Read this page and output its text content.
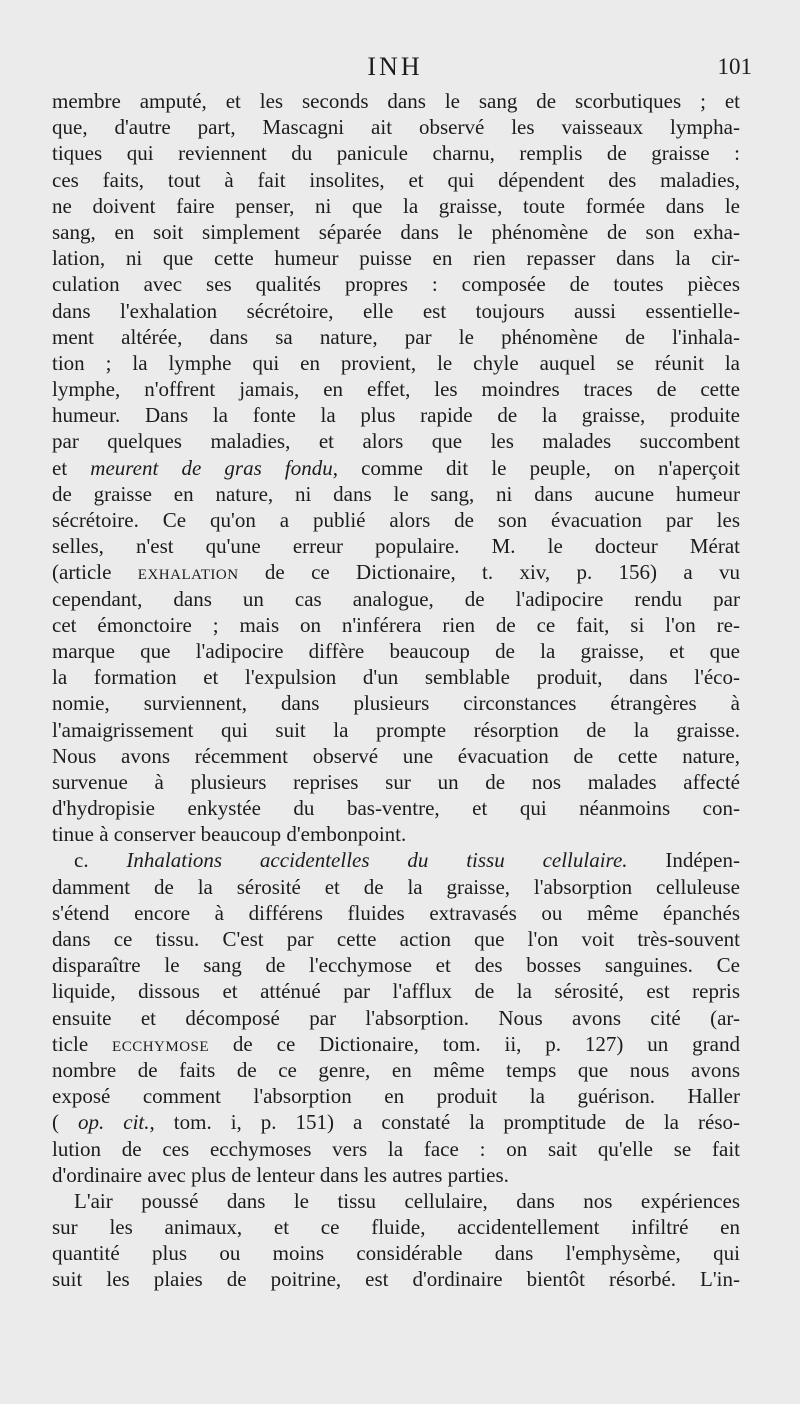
INH	101
membre amputé, et les seconds dans le sang de scorbutiques ; et
que, d'autre part, Mascagni ait observé les vaisseaux lympha-
tiques qui reviennent du panicule charnu, remplis de graisse :
ces faits, tout à fait insolites, et qui dépendent des maladies,
ne doivent faire penser, ni que la graisse, toute formée dans le
sang, en soit simplement séparée dans le phénomène de son exha-
lation, ni que cette humeur puisse en rien repasser dans la cir-
culation avec ses qualités propres : composée de toutes pièces
dans l'exhalation sécrétoire, elle est toujours aussi essentielle-
ment altérée, dans sa nature, par le phénomène de l'inhala-
tion ; la lymphe qui en provient, le chyle auquel se réunit la
lymphe, n'offrent jamais, en effet, les moindres traces de cette
humeur. Dans la fonte la plus rapide de la graisse, produite
par quelques maladies, et alors que les malades succombent
et meurent de gras fondu, comme dit le peuple, on n'aperçoit
de graisse en nature, ni dans le sang, ni dans aucune humeur
sécrétoire. Ce qu'on a publié alors de son évacuation par les
selles, n'est qu'une erreur populaire. M. le docteur Mérat
(article exhalation de ce Dictionaire, t. xiv, p. 156) a vu
cependant, dans un cas analogue, de l'adipocire rendu par
cet émonctoire ; mais on n'inférera rien de ce fait, si l'on re-
marque que l'adipocire diffère beaucoup de la graisse, et que
la formation et l'expulsion d'un semblable produit, dans l'éco-
nomie, surviennent, dans plusieurs circonstances étrangères à
l'amaigrissement qui suit la prompte résorption de la graisse.
Nous avons récemment observé une évacuation de cette nature,
survenue à plusieurs reprises sur un de nos malades affecté
d'hydropisie enkystée du bas-ventre, et qui néanmoins con-
tinue à conserver beaucoup d'embonpoint.
c. Inhalations accidentelles du tissu cellulaire. Indépen-
damment de la sérosité et de la graisse, l'absorption celluleuse
s'étend encore à différens fluides extravasés ou même épanchés
dans ce tissu. C'est par cette action que l'on voit très-souvent
disparaître le sang de l'ecchymose et des bosses sanguines. Ce
liquide, dissous et atténué par l'afflux de la sérosité, est repris
ensuite et décomposé par l'absorption. Nous avons cité (ar-
ticle ecchymose de ce Dictionaire, tom. ii, p. 127) un grand
nombre de faits de ce genre, en même temps que nous avons
exposé comment l'absorption en produit la guérison. Haller
( op. cit., tom. i, p. 151) a constaté la promptitude de la réso-
lution de ces ecchymoses vers la face : on sait qu'elle se fait
d'ordinaire avec plus de lenteur dans les autres parties.
L'air poussé dans le tissu cellulaire, dans nos expériences
sur les animaux, et ce fluide, accidentellement infiltré en
quantité plus ou moins considérable dans l'emphysème, qui
suit les plaies de poitrine, est d'ordinaire bientôt résorbé. L'in-
